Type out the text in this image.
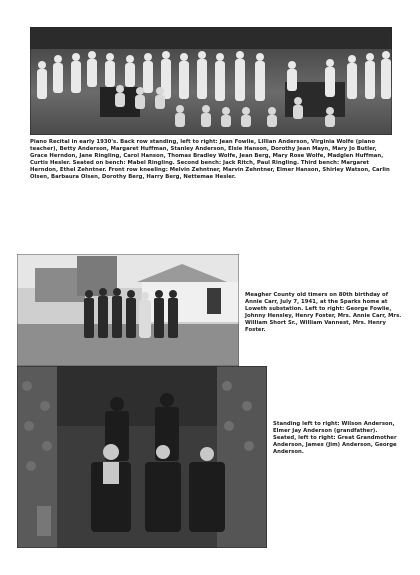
Piano Recital in early 1930's. Back row standing, left to right: Jean Fowlie, Lillian Anderson, Virginia Wolfe (piano teacher), Betty Anderson, Margaret Huffman, Stanley Anderson, Elsie Hanson, Dorothy Jean Mayn, Mary Jo Butler, Grace Herndon, Jane Ringling, Carol Hanson, Thomas Bradley Wolfe, Jean Berg, Mary Rose Wolfe, Madglen Huffman, Curtis Hesler. Seated on bench: Mabel Ringling. Second bench: Jack Ritch, Paul Ringling. Third bench: Margaret Herndon, Ethel Zehntner. Front row kneeling: Melvin Zehntner, Marvin Zehntner, Elmer Hanson, Shirley Watson, Carlin Olsen, Barbaura Olsen, Dorothy Berg, Harry Berg, Nettemae Hesler.
Meagher County old timers on 80th birthday of Annie Carr, July 7, 1941, at the Sparks home at Loweth substation. Left to right: George Fowlie, Johnny Hensley, Henry Foster, Mrs. Annie Carr, Mrs. William Short Sr., William Vannest, Mrs. Henry Foster.
Standing left to right: Wilson Anderson, Elmer Jay Anderson (grandfather). Seated, left to right: Great Grandmother Anderson, James (Jim) Anderson, George Anderson.
